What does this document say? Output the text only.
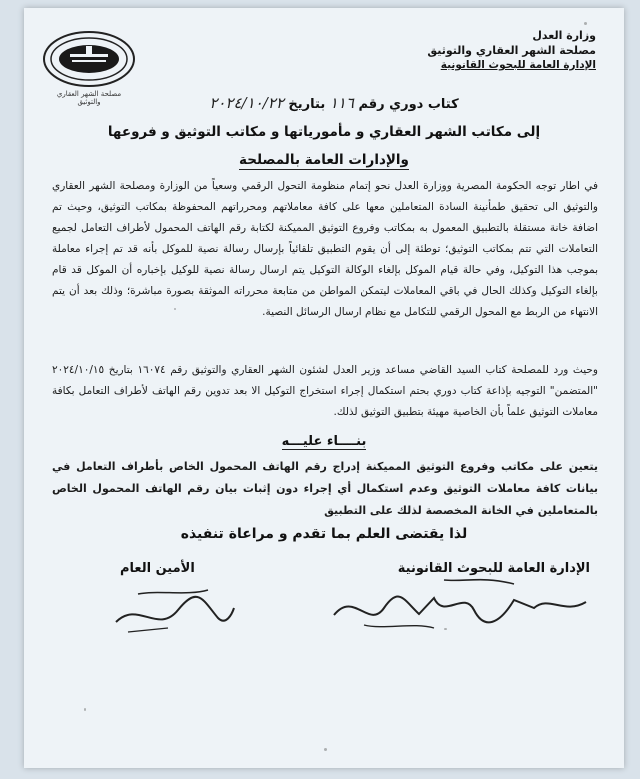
مصلحة الشهر العقاري والتوثيق
وزارة العدل
مصلحة الشهر العقاري والتوثيق
الإدارة العامة للبحوث القانونية
كتاب دوري رقم ١١٦ بتاريخ ٢٠٢٤/١٠/٢٢
إلى مكاتب الشهر العقاري و مأمورياتها و مكاتب التوثيق و فروعها
والإدارات العامة بالمصلحة
في اطار توجه الحكومة المصرية ووزارة العدل نحو إتمام منظومة التحول الرقمي وسعياً من الوزارة ومصلحة الشهر العقاري والتوثيق الى تحقيق طمأنينة السادة المتعاملين معها على كافة معاملاتهم ومحرراتهم المحفوظة بمكاتب التوثيق، وحيث تم اضافة خانة مستقلة بالتطبيق المعمول به بمكاتب وفروع التوثيق المميكنة لكتابة رقم الهاتف المحمول لأطراف التعامل لجميع التعاملات التي تتم بمكاتب التوثيق؛ توطئة إلى أن يقوم التطبيق تلقائياً بإرسال رسالة نصية للموكل بأنه قد تم إجراء معاملة بموجب هذا التوكيل، وفي حالة قيام الموكل بإلغاء الوكالة التوكيل يتم ارسال رسالة نصية للوكيل بإخباره أن الموكل قد قام بإلغاء التوكيل وكذلك الحال في باقي المعاملات ليتمكن المواطن من متابعة محرراته الموثقة بصورة مباشرة؛ وذلك بعد أن يتم الانتهاء من الربط مع المحول الرقمي للتكامل مع نظام ارسال الرسائل النصية.
وحيث ورد للمصلحة كتاب السيد القاضي مساعد وزير العدل لشئون الشهر العقاري والتوثيق رقم ١٦٠٧٤ بتاريخ ٢٠٢٤/١٠/١٥ "المتضمن" التوجيه بإذاعة كتاب دوري بحتم استكمال إجراء استخراج التوكيل الا بعد تدوين رقم الهاتف لأطراف التعامل بكافة معاملات التوثيق علماً بأن الخاصية مهيئة بتطبيق التوثيق لذلك.
بنــــاء عليـــه
يتعين على مكاتب وفروع التوثيق المميكنة إدراج رقم الهاتف المحمول الخاص بأطراف التعامل في بيانات كافة معاملات التوثيق وعدم استكمال أي إجراء دون إثبات بيان رقم الهاتف المحمول الخاص بالمتعاملين في الخانة المخصصة لذلك على التطبيق
لذا يقتضى العلم بما تقدم و مراعاة تنفيذه
الإدارة العامة للبحوث القانونية
الأمين العام
